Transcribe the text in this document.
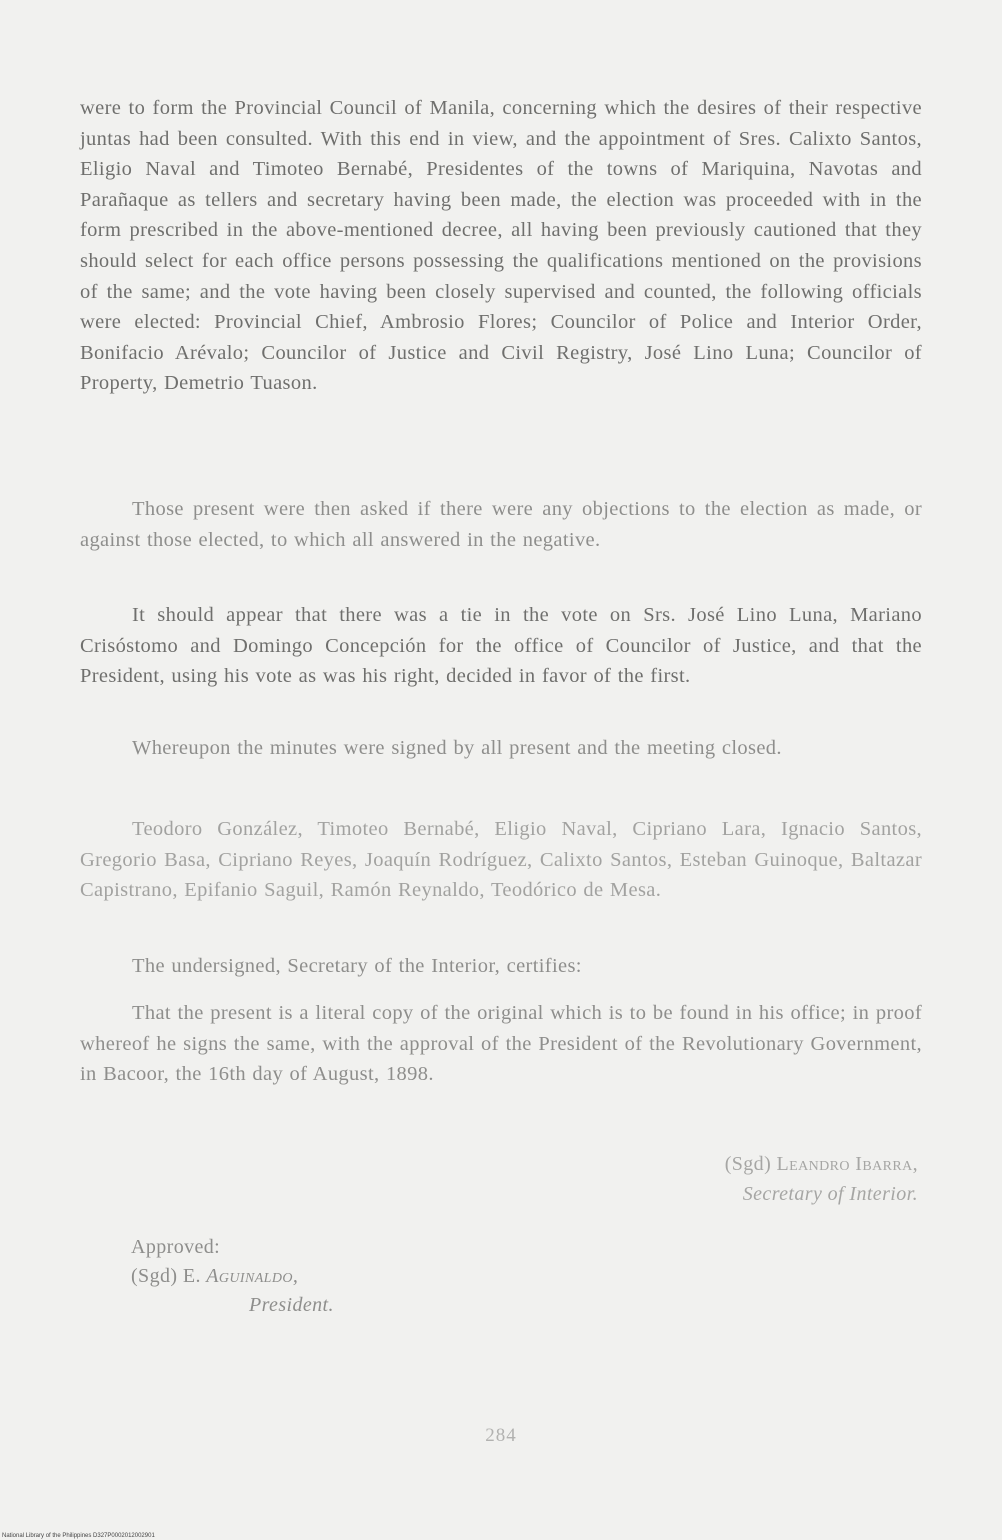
were to form the Provincial Council of Manila, concerning which the desires of their respective juntas had been consulted. With this end in view, and the appointment of Sres. Calixto Santos, Eligio Naval and Timoteo Bernabé, Presidentes of the towns of Mariquina, Navotas and Parañaque as tellers and secretary having been made, the election was proceeded with in the form prescribed in the above-mentioned decree, all having been previously cautioned that they should select for each office persons possessing the qualifications mentioned on the provisions of the same; and the vote having been closely supervised and counted, the following officials were elected: Provincial Chief, Ambrosio Flores; Councilor of Police and Interior Order, Bonifacio Arévalo; Councilor of Justice and Civil Registry, José Lino Luna; Councilor of Property, Demetrio Tuason.

Those present were then asked if there were any objections to the election as made, or against those elected, to which all answered in the negative.

It should appear that there was a tie in the vote on Srs. José Lino Luna, Mariano Crisóstomo and Domingo Concepción for the office of Councilor of Justice, and that the President, using his vote as was his right, decided in favor of the first.

Whereupon the minutes were signed by all present and the meeting closed.

Teodoro González, Timoteo Bernabé, Eligio Naval, Cipriano Lara, Ignacio Santos, Gregorio Basa, Cipriano Reyes, Joaquín Rodríguez, Calixto Santos, Esteban Guinoque, Baltazar Capistrano, Epifanio Saguil, Ramón Reynaldo, Teodórico de Mesa.

The undersigned, Secretary of the Interior, certifies:

That the present is a literal copy of the original which is to be found in his office; in proof whereof he signs the same, with the approval of the President of the Revolutionary Government, in Bacoor, the 16th day of August, 1898.

(Sgd) Leandro Ibarra,
Secretary of Interior.
Approved:
(Sgd) E. Aguinaldo,
President.
284
National Library of the Philippines D327P0002012002901
